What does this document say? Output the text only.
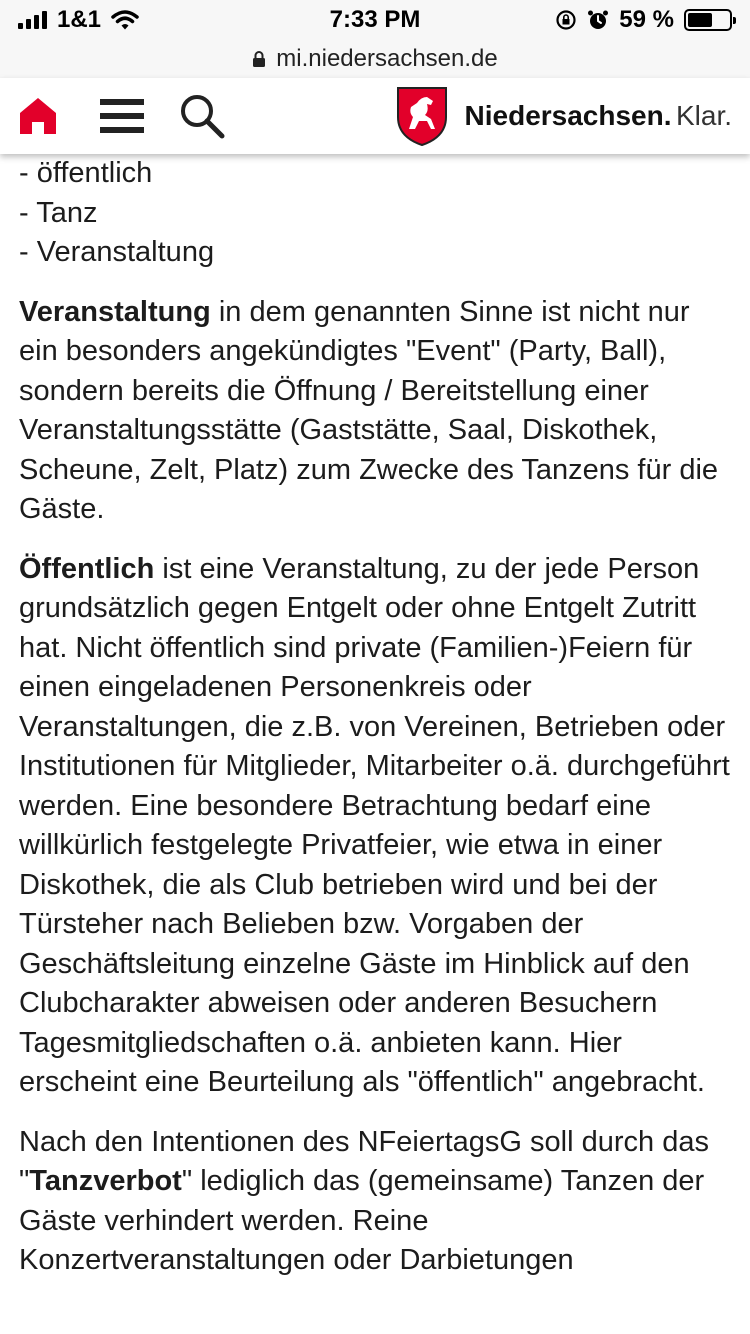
1&1	7:33 PM	59 %
mi.niedersachsen.de
Niedersachsen. Klar.

- öffentlich
- Tanz
- Veranstaltung

Veranstaltung in dem genannten Sinne ist nicht nur ein besonders angekündigtes "Event" (Party, Ball), sondern bereits die Öffnung / Bereitstellung einer Veranstaltungsstätte (Gaststätte, Saal, Diskothek, Scheune, Zelt, Platz) zum Zwecke des Tanzens für die Gäste.

Öffentlich ist eine Veranstaltung, zu der jede Person grundsätzlich gegen Entgelt oder ohne Entgelt Zutritt hat. Nicht öffentlich sind private (Familien-)Feiern für einen eingeladenen Personenkreis oder Veranstaltungen, die z.B. von Vereinen, Betrieben oder Institutionen für Mitglieder, Mitarbeiter o.ä. durchgeführt werden. Eine besondere Betrachtung bedarf eine willkürlich festgelegte Privatfeier, wie etwa in einer Diskothek, die als Club betrieben wird und bei der Türsteher nach Belieben bzw. Vorgaben der Geschäftsleitung einzelne Gäste im Hinblick auf den Clubcharakter abweisen oder anderen Besuchern Tagesmitgliedschaften o.ä. anbieten kann. Hier erscheint eine Beurteilung als "öffentlich" angebracht.

Nach den Intentionen des NFeiertagsG soll durch das "Tanzverbot" lediglich das (gemeinsame) Tanzen der Gäste verhindert werden. Reine Konzertveranstaltungen oder Darbietungen
